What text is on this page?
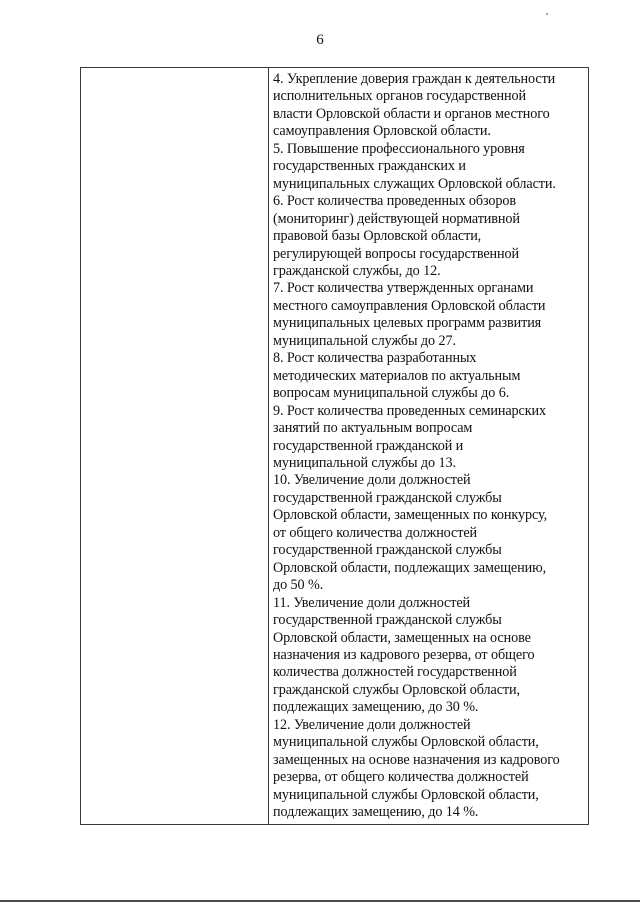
6
4. Укрепление доверия граждан к деятельности
исполнительных органов государственной
власти Орловской области и органов местного
самоуправления Орловской области.
5. Повышение профессионального уровня
государственных гражданских и
муниципальных служащих Орловской области.
6. Рост количества проведенных обзоров
(мониторинг) действующей нормативной
правовой базы Орловской области,
регулирующей вопросы государственной
гражданской службы, до 12.
7. Рост количества утвержденных органами
местного самоуправления Орловской области
муниципальных целевых программ развития
муниципальной службы до 27.
8. Рост количества разработанных
методических материалов по актуальным
вопросам муниципальной службы до 6.
9. Рост количества проведенных семинарских
занятий по актуальным вопросам
государственной гражданской и
муниципальной службы до 13.
10. Увеличение доли должностей
государственной гражданской службы
Орловской области, замещенных по конкурсу,
от общего количества должностей
государственной гражданской службы
Орловской области, подлежащих замещению,
до 50 %.
11. Увеличение доли должностей
государственной гражданской службы
Орловской области, замещенных на основе
назначения из кадрового резерва, от общего
количества должностей государственной
гражданской службы Орловской области,
подлежащих замещению, до 30 %.
12. Увеличение доли должностей
муниципальной службы Орловской области,
замещенных на основе назначения из кадрового
резерва, от общего количества должностей
муниципальной службы Орловской области,
подлежащих замещению, до 14 %.
